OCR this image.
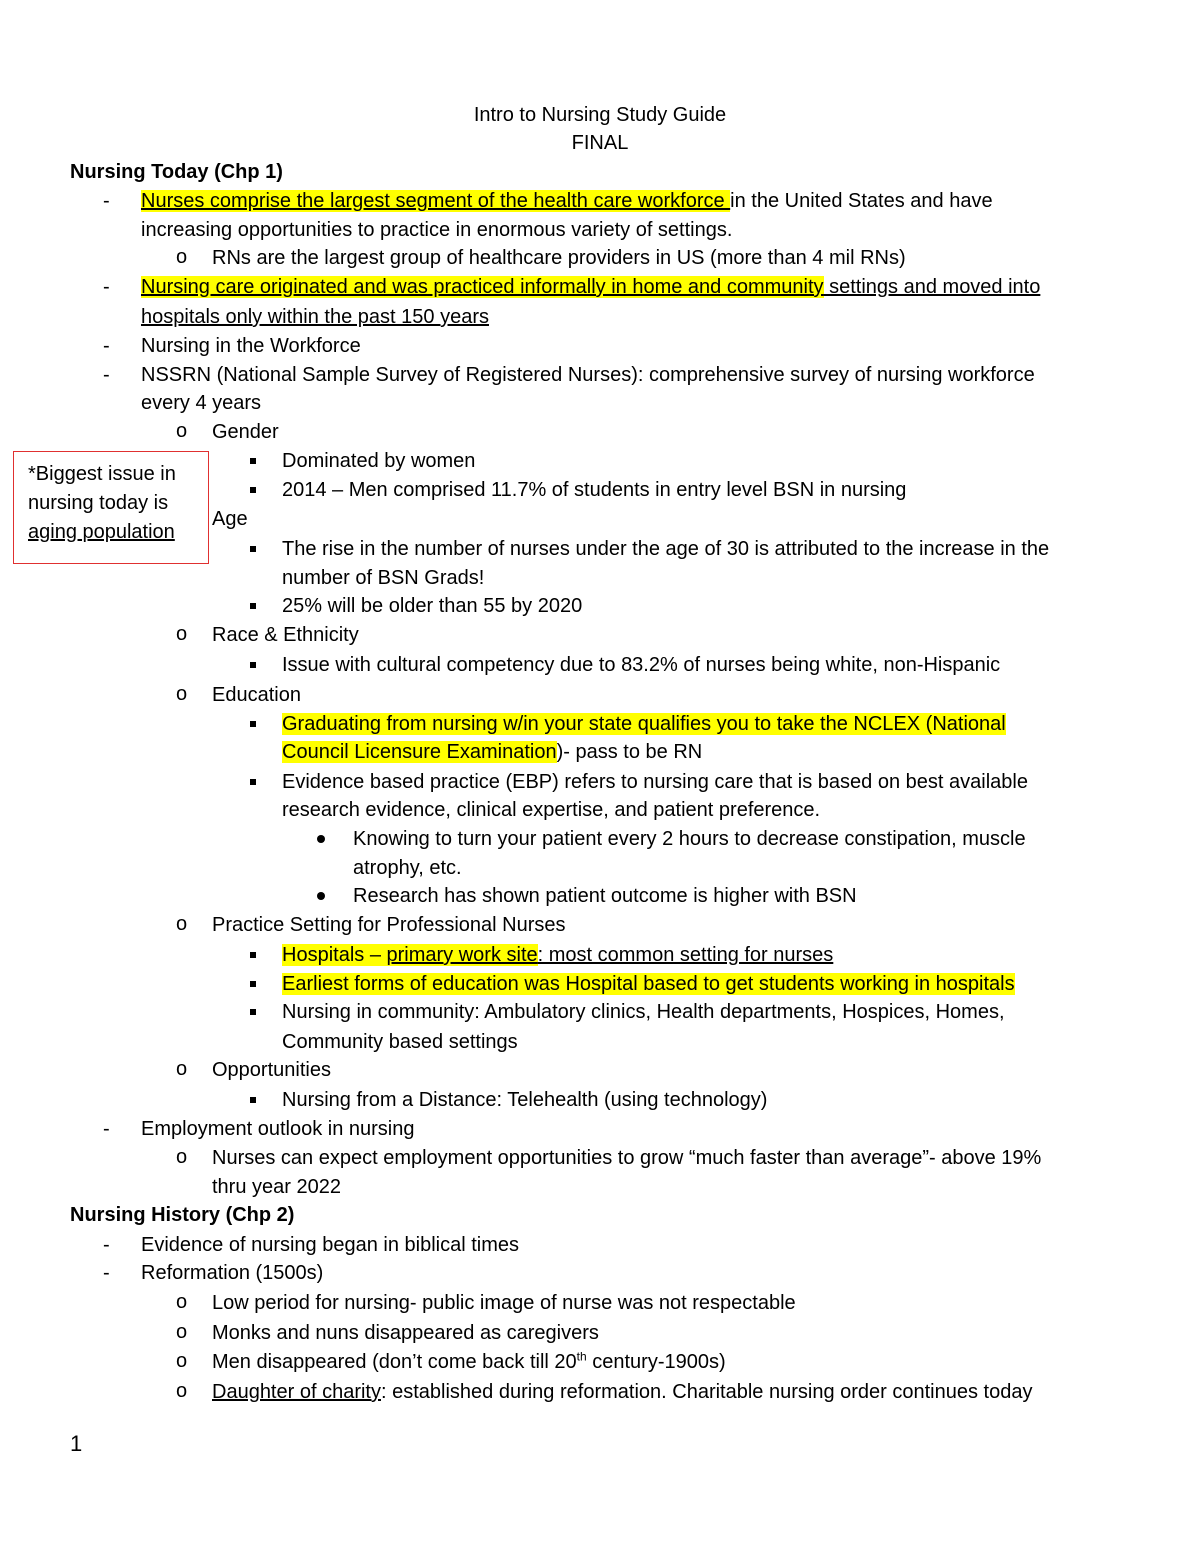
Intro to Nursing Study Guide
FINAL
Nursing Today (Chp 1)
- Nurses comprise the largest segment of the health care workforce in the United States and have
increasing opportunities to practice in enormous variety of settings.
o RNs are the largest group of healthcare providers in US (more than 4 mil RNs)
- Nursing care originated and was practiced informally in home and community settings and moved into
hospitals only within the past 150 years
- Nursing in the Workforce
- NSSRN (National Sample Survey of Registered Nurses): comprehensive survey of nursing workforce
every 4 years
o Gender
Dominated by women
2014 – Men comprised 11.7% of students in entry level BSN in nursing
Age
The rise in the number of nurses under the age of 30 is attributed to the increase in the
number of BSN Grads!
25% will be older than 55 by 2020
o Race & Ethnicity
Issue with cultural competency due to 83.2% of nurses being white, non-Hispanic
o Education
Graduating from nursing w/in your state qualifies you to take the NCLEX (National
Council Licensure Examination)- pass to be RN
Evidence based practice (EBP) refers to nursing care that is based on best available
research evidence, clinical expertise, and patient preference.
Knowing to turn your patient every 2 hours to decrease constipation, muscle
atrophy, etc.
Research has shown patient outcome is higher with BSN
o Practice Setting for Professional Nurses
Hospitals – primary work site: most common setting for nurses
Earliest forms of education was Hospital based to get students working in hospitals
Nursing in community: Ambulatory clinics, Health departments, Hospices, Homes,
Community based settings
o Opportunities
Nursing from a Distance: Telehealth (using technology)
- Employment outlook in nursing
o Nurses can expect employment opportunities to grow “much faster than average”- above 19%
thru year 2022
Nursing History (Chp 2)
- Evidence of nursing began in biblical times
- Reformation (1500s)
o Low period for nursing- public image of nurse was not respectable
o Monks and nuns disappeared as caregivers
o Men disappeared (don’t come back till 20th century-1900s)
o Daughter of charity: established during reformation. Charitable nursing order continues today
1
*Biggest issue in
nursing today is
aging population
